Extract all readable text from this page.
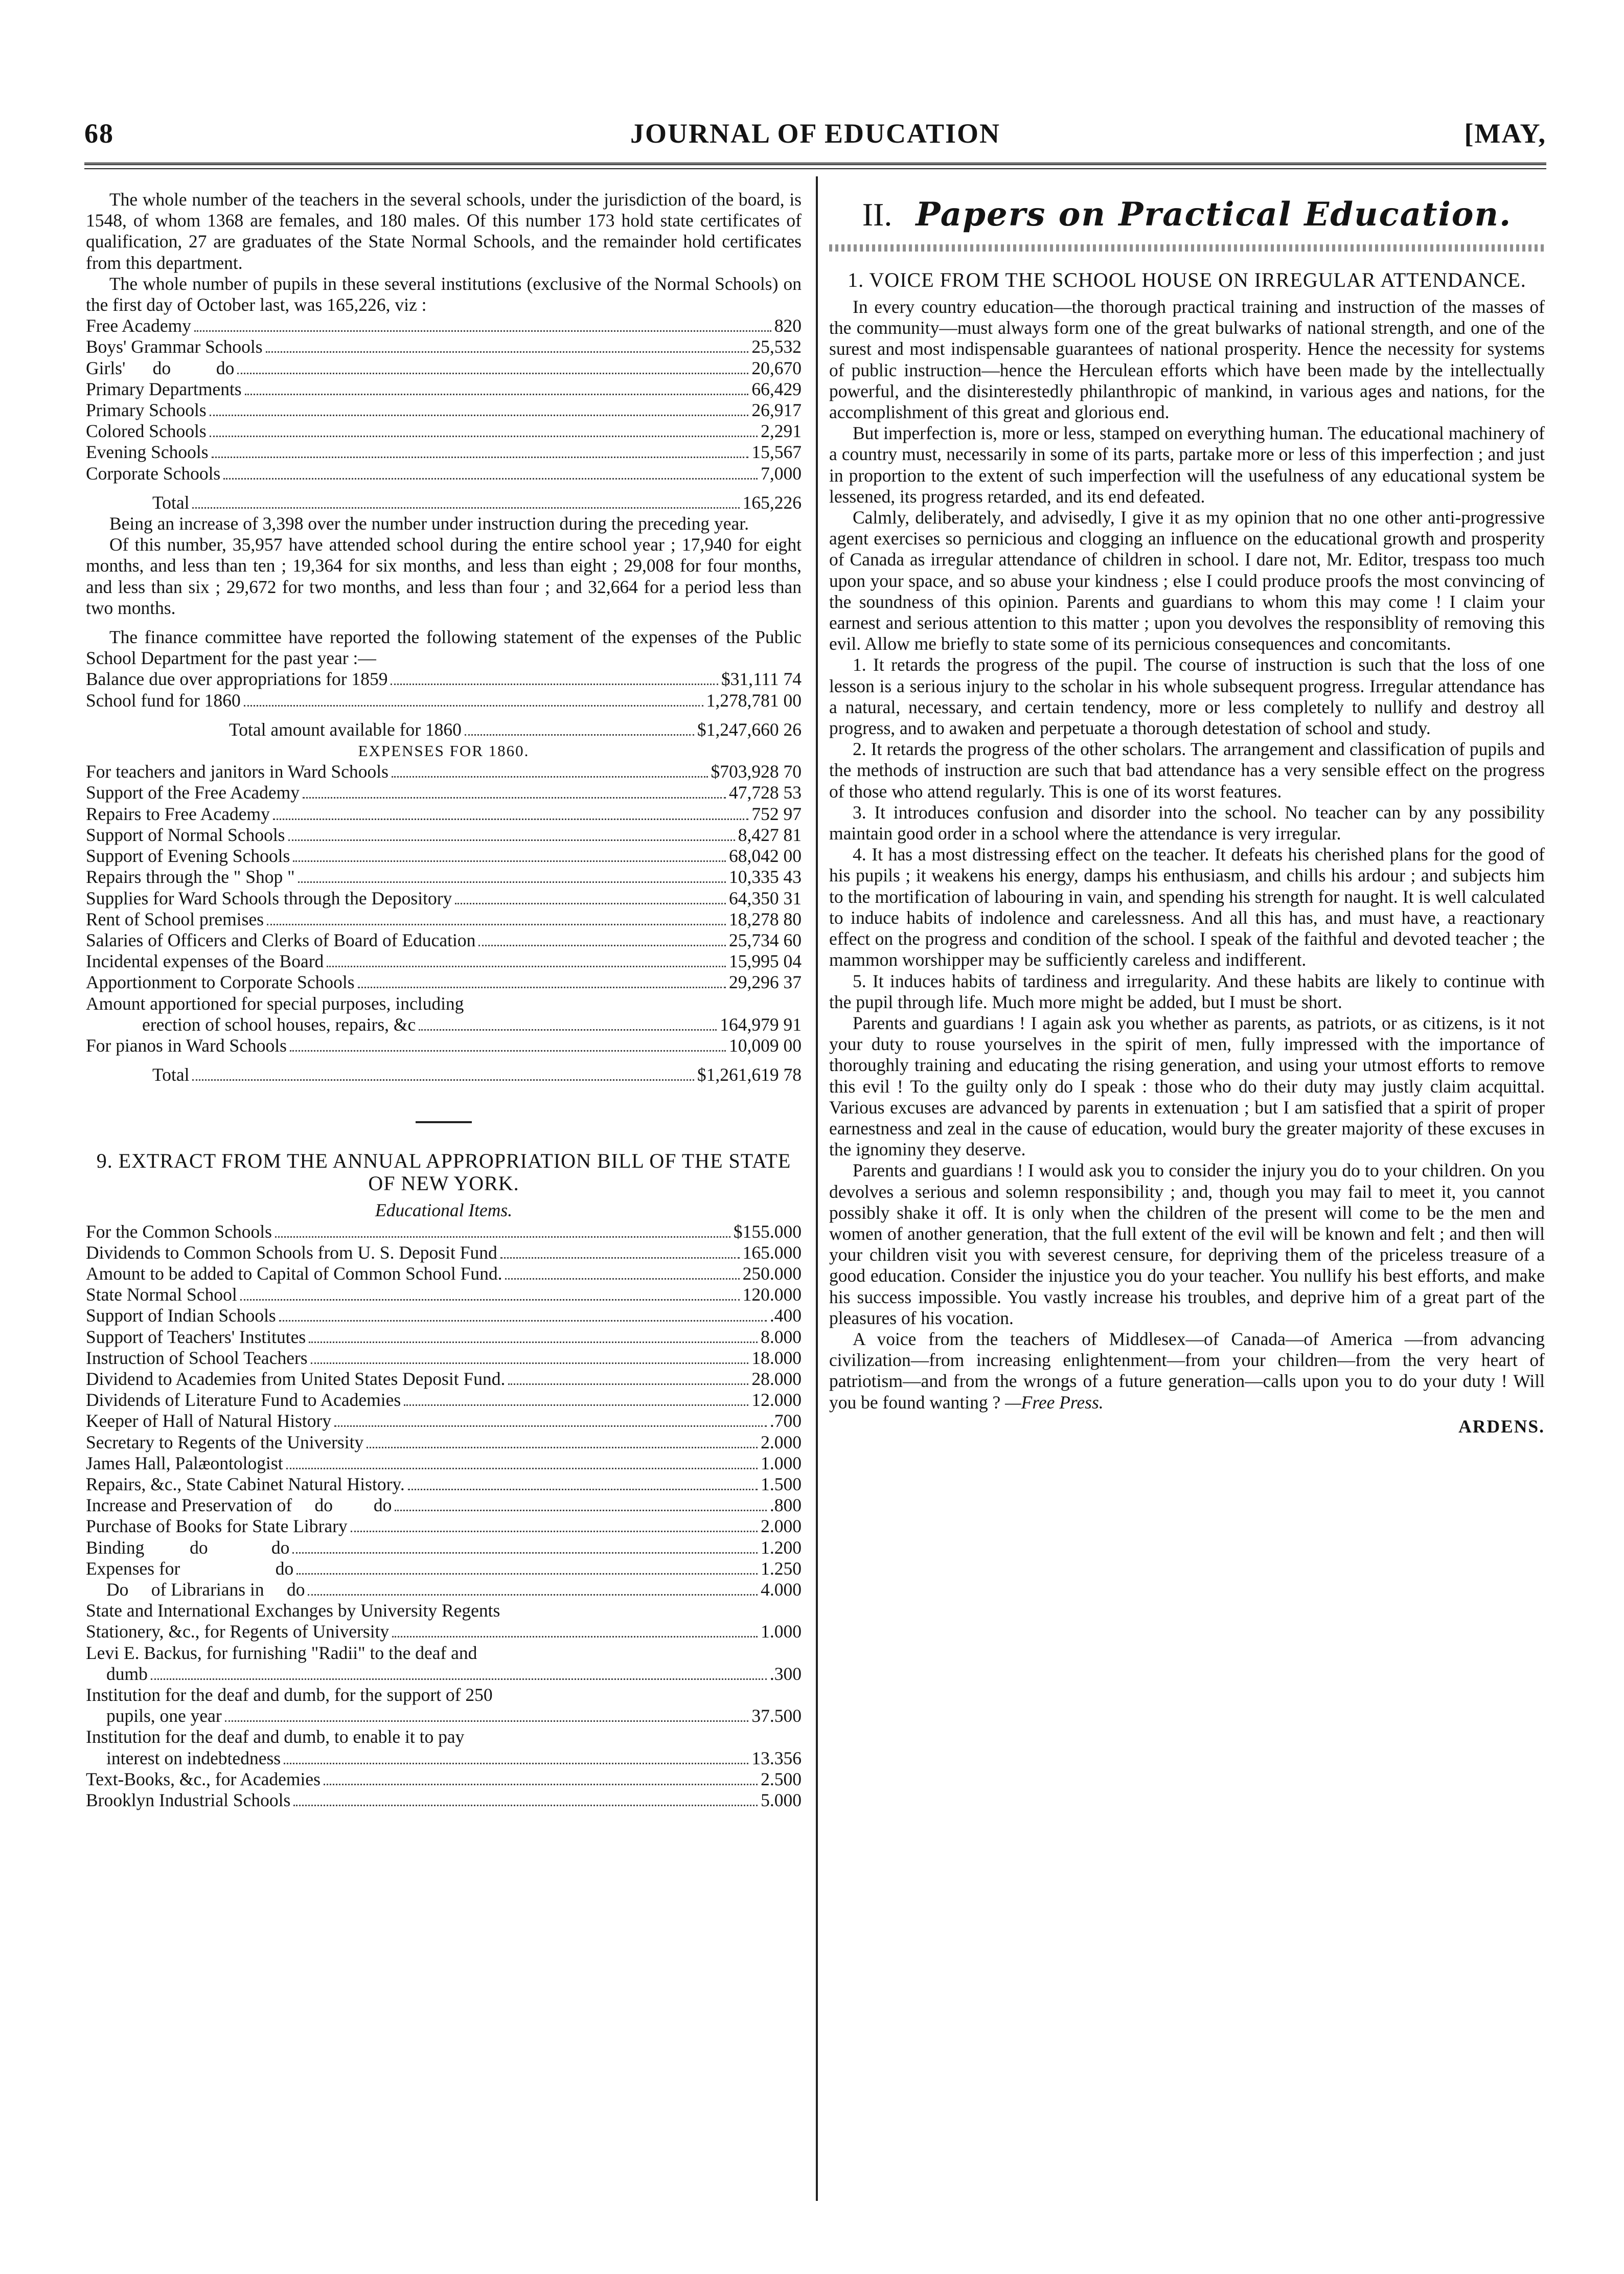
68	JOURNAL OF EDUCATION	[MAY,

The whole number of the teachers in the several schools, under the jurisdiction of the board, is 1548, of whom 1368 are females, and 180 males. Of this number 173 hold state certificates of qualification, 27 are graduates of the State Normal Schools, and the remainder hold certificates from this department.

The whole number of pupils in these several institutions (exclusive of the Normal Schools) on the first day of October last, was 165,226, viz :

Free Academy	820
Boys' Grammar Schools	25,532
Girls'      do          do	20,670
Primary Departments	66,429
Primary Schools	26,917
Colored Schools	2,291
Evening Schools	15,567
Corporate Schools	7,000
Total	165,226

Being an increase of 3,398 over the number under instruction during the preceding year.

Of this number, 35,957 have attended school during the entire school year ; 17,940 for eight months, and less than ten ; 19,364 for six months, and less than eight ; 29,008 for four months, and less than six ; 29,672 for two months, and less than four ; and 32,664 for a period less than two months.

The finance committee have reported the following statement of the expenses of the Public School Department for the past year :—

Balance due over appropriations for 1859	$31,111 74
School fund for 1860	1,278,781 00
Total amount available for 1860	$1,247,660 26
EXPENSES FOR 1860.
For teachers and janitors in Ward Schools	$703,928 70
Support of the Free Academy	47,728 53
Repairs to Free Academy	752 97
Support of Normal Schools	8,427 81
Support of Evening Schools	68,042 00
Repairs through the " Shop "	10,335 43
Supplies for Ward Schools through the Depository	64,350 31
Rent of School premises	18,278 80
Salaries of Officers and Clerks of Board of Education	25,734 60
Incidental expenses of the Board	15,995 04
Apportionment to Corporate Schools	29,296 37
Amount apportioned for special purposes, including
erection of school houses, repairs, &c	164,979 91
For pianos in Ward Schools	10,009 00
Total	$1,261,619 78
9. EXTRACT FROM THE ANNUAL APPROPRIATION BILL OF THE STATE OF NEW YORK.
Educational Items.
For the Common Schools	$155.000
Dividends to Common Schools from U. S. Deposit Fund	165.000
Amount to be added to Capital of Common School Fund.	250.000
State Normal School	120.000
Support of Indian Schools	.400
Support of Teachers' Institutes	8.000
Instruction of School Teachers	18.000
Dividend to Academies from United States Deposit Fund.	28.000
Dividends of Literature Fund to Academies	12.000
Keeper of Hall of Natural History	.700
Secretary to Regents of the University	2.000
James Hall, Palæontologist	1.000
Repairs, &c., State Cabinet Natural History.	1.500
Increase and Preservation of     do         do	.800
Purchase of Books for State Library	2.000
Binding          do              do	1.200
Expenses for                     do	1.250
Do     of Librarians in     do	4.000
State and International Exchanges by University Regents
Stationery, &c., for Regents of University	1.000
Levi E. Backus, for furnishing "Radii" to the deaf and
dumb	.300
Institution for the deaf and dumb, for the support of 250
pupils, one year	37.500
Institution for the deaf and dumb, to enable it to pay
interest on indebtedness	13.356
Text-Books, &c., for Academies	2.500
Brooklyn Industrial Schools	5.000
II. Papers on Practical Education.
1. VOICE FROM THE SCHOOL HOUSE ON IRREGULAR ATTENDANCE.

In every country education—the thorough practical training and instruction of the masses of the community—must always form one of the great bulwarks of national strength, and one of the surest and most indispensable guarantees of national prosperity. Hence the necessity for systems of public instruction—hence the Herculean efforts which have been made by the intellectually powerful, and the disinterestedly philanthropic of mankind, in various ages and nations, for the accomplishment of this great and glorious end.

But imperfection is, more or less, stamped on everything human. The educational machinery of a country must, necessarily in some of its parts, partake more or less of this imperfection ; and just in proportion to the extent of such imperfection will the usefulness of any educational system be lessened, its progress retarded, and its end defeated.

Calmly, deliberately, and advisedly, I give it as my opinion that no one other anti-progressive agent exercises so pernicious and clogging an influence on the educational growth and prosperity of Canada as irregular attendance of children in school. I dare not, Mr. Editor, trespass too much upon your space, and so abuse your kindness ; else I could produce proofs the most convincing of the soundness of this opinion. Parents and guardians to whom this may come ! I claim your earnest and serious attention to this matter ; upon you devolves the responsiblity of removing this evil. Allow me briefly to state some of its pernicious consequences and concomitants.

1. It retards the progress of the pupil. The course of instruction is such that the loss of one lesson is a serious injury to the scholar in his whole subsequent progress. Irregular attendance has a natural, necessary, and certain tendency, more or less completely to nullify and destroy all progress, and to awaken and perpetuate a thorough detestation of school and study.

2. It retards the progress of the other scholars. The arrangement and classification of pupils and the methods of instruction are such that bad attendance has a very sensible effect on the progress of those who attend regularly. This is one of its worst features.

3. It introduces confusion and disorder into the school. No teacher can by any possibility maintain good order in a school where the attendance is very irregular.

4. It has a most distressing effect on the teacher. It defeats his cherished plans for the good of his pupils ; it weakens his energy, damps his enthusiasm, and chills his ardour ; and subjects him to the mortification of labouring in vain, and spending his strength for naught. It is well calculated to induce habits of indolence and carelessness. And all this has, and must have, a reactionary effect on the progress and condition of the school. I speak of the faithful and devoted teacher ; the mammon worshipper may be sufficiently careless and indifferent.

5. It induces habits of tardiness and irregularity. And these habits are likely to continue with the pupil through life. Much more might be added, but I must be short.

Parents and guardians ! I again ask you whether as parents, as patriots, or as citizens, is it not your duty to rouse yourselves in the spirit of men, fully impressed with the importance of thoroughly training and educating the rising generation, and using your utmost efforts to remove this evil ! To the guilty only do I speak : those who do their duty may justly claim acquittal. Various excuses are advanced by parents in extenuation ; but I am satisfied that a spirit of proper earnestness and zeal in the cause of education, would bury the greater majority of these excuses in the ignominy they deserve.

Parents and guardians ! I would ask you to consider the injury you do to your children. On you devolves a serious and solemn responsibility ; and, though you may fail to meet it, you cannot possibly shake it off. It is only when the children of the present will come to be the men and women of another generation, that the full extent of the evil will be known and felt ; and then will your children visit you with severest censure, for depriving them of the priceless treasure of a good education. Consider the injustice you do your teacher. You nullify his best efforts, and make his success impossible. You vastly increase his troubles, and deprive him of a great part of the pleasures of his vocation.

A voice from the teachers of Middlesex—of Canada—of America —from advancing civilization—from increasing enlightenment—from your children—from the very heart of patriotism—and from the wrongs of a future generation—calls upon you to do your duty ! Will you be found wanting ? —Free Press.

ARDENS.
